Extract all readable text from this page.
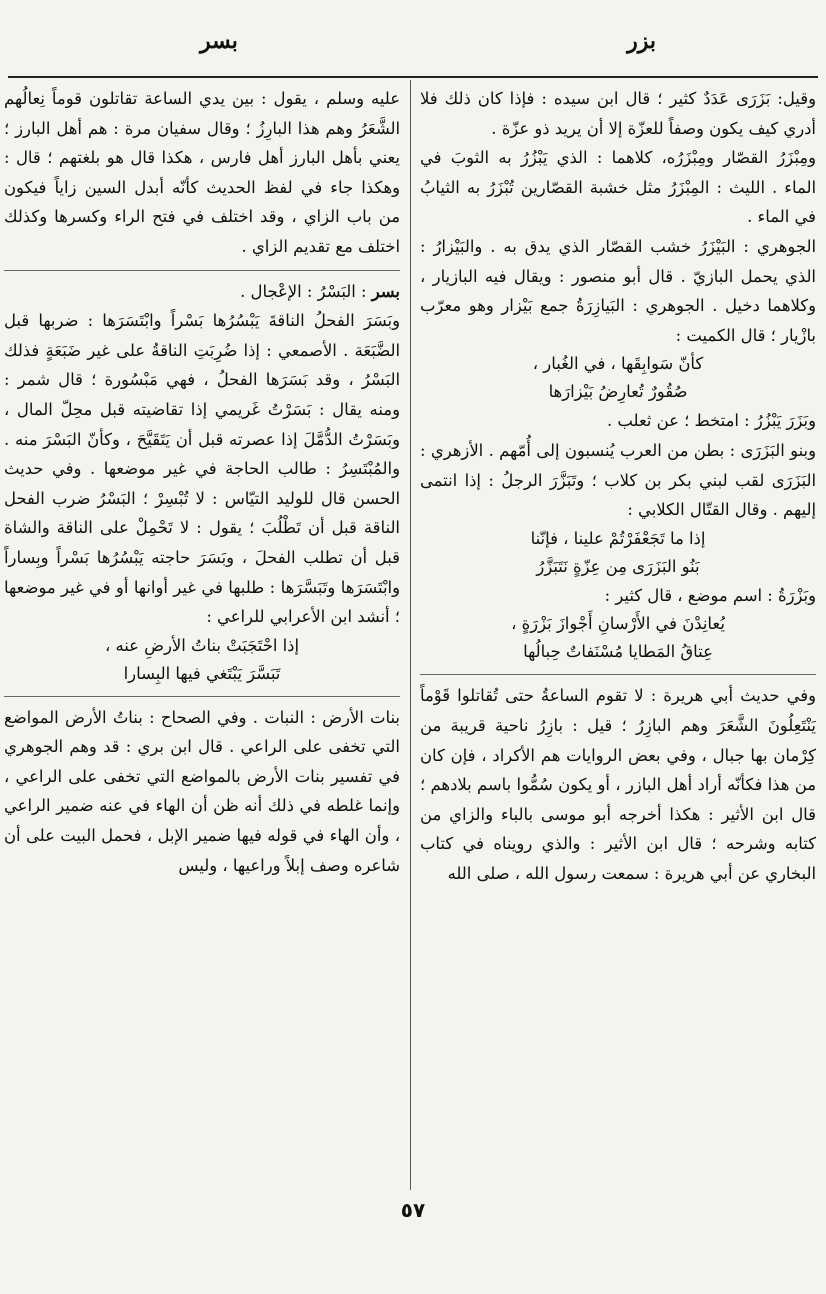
بزر
بسر

وقيل: بَزَرَى عَدَدٌ كثير ؛ قال ابن سيده : فإذا كان ذلك فلا أدري كيف يكون وصفاً للعزّة إلا أن يريد ذو عزّة .

ومِبْزَرُ القصّار ومِبْزَرُه، كلاهما : الذي يَبْزُرُ به الثوبَ في الماء . الليث : المِبْزَرُ مثل خشبة القصّارين تُبْزَرُ به الثيابُ في الماء .

الجوهري : البَيْزَرُ خشب القصّار الذي يدق به . والبَيْزارُ : الذي يحمل البازيّ . قال أبو منصور : ويقال فيه البازيار ، وكلاهما دخيل . الجوهري : البَيازِرَةُ جمع بَيْزار وهو معرّب بازْيار ؛ قال الكميت :

كأنّ سَوابِقَها ، في الغُبار ،

صُقُورٌ تُعارِضُ بَيْزارَها

وبَزَرَ يَبْزُرُ : امتخط ؛ عن ثعلب .

وبنو البَزَرَى : بطن من العرب يُنسبون إلى أُمّهم . الأزهري : البَزَرَى لقب لبني بكر بن كلاب ؛ وتَبَزَّرَ الرجلُ : إذا انتمى إليهم . وقال القتّال الكلابي :

إذا ما تَجَعْفَرْتُمْ علينا ، فإنّنا

بَنُو البَزَرَى مِن عِزّةٍ نَتَبَزَّرُ

وبَزْرَةُ : اسم موضع ، قال كثير :

يُعانِدْنَ في الأَرْسانِ أَجْوازَ بَزْرَةٍ ،

عِتاقُ المَطايا مُسْنَفاتٌ حِبالُها

وفي حديث أبي هريرة : لا تقوم الساعةُ حتى تُقاتلوا قَوْماً يَنْتَعِلُونَ الشَّعَرَ وهم البازِرُ ؛ قيل : بازِرُ ناحية قريبة من كِرْمان بها جبال ، وفي بعض الروايات هم الأكراد ، فإن كان من هذا فكأنّه أراد أهل البازر ، أو يكون سُمُّوا باسم بلادهم ؛ قال ابن الأثير : هكذا أخرجه أبو موسى بالباء والزاي من كتابه وشرحه ؛ قال ابن الأثير : والذي رويناه في كتاب البخاري عن أبي هريرة : سمعت رسول الله ، صلى الله

عليه وسلم ، يقول : بين يدي الساعة تقاتلون قوماً نِعالُهم الشَّعَرُ وهم هذا البارِزُ ؛ وقال سفيان مرة : هم أهل البارز ؛ يعني بأهل البارز أهل فارس ، هكذا قال هو بلغتهم ؛ قال : وهكذا جاء في لفظ الحديث كأنّه أبدل السين زاياً فيكون من باب الزاي ، وقد اختلف في فتح الراء وكسرها وكذلك اختلف مع تقديم الزاي .

بسر : البَسْرُ : الإعْجال .

وبَسَرَ الفحلُ الناقةَ يَبْسُرُها بَسْراً وابْتَسَرَها : ضربها قبل الضَّبَعَة . الأصمعي : إذا ضُرِبَتِ الناقةُ على غير ضَبَعَةٍ فذلك البَسْرُ ، وقد بَسَرَها الفحلُ ، فهي مَبْسُورة ؛ قال شمر : ومنه يقال : بَسَرْتُ غَريمي إذا تقاضيته قبل محِلّ المال ، وبَسَرْتُ الدُّمَّلَ إذا عصرته قبل أن يَتَقَيَّحَ ، وكأنّ البَسْرَ منه . والمُبْتَسِرُ : طالب الحاجة في غير موضعها . وفي حديث الحسن قال للوليد التيّاس : لا تُبْسِرْ ؛ البَسْرُ ضرب الفحل الناقة قبل أن تَطْلُبَ ؛ يقول : لا تَحْمِلْ على الناقة والشاة قبل أن تطلب الفحلَ ، وبَسَرَ حاجته يَبْسُرُها بَسْراً وبِساراً وابْتَسَرَها وتَبَسَّرَها : طلبها في غير أوانها أو في غير موضعها ؛ أنشد ابن الأعرابي للراعي :

إذا احْتَجَبَتْ بناتُ الأرضِ عنه ،

تَبَسَّرَ يَبْتَغي فيها البِسارا

بنات الأرض : النبات . وفي الصحاح : بناتُ الأرض المواضع التي تخفى على الراعي . قال ابن بري : قد وهم الجوهري في تفسير بنات الأرض بالمواضع التي تخفى على الراعي ، وإنما غلطه في ذلك أنه ظن أن الهاء في عنه ضمير الراعي ، وأن الهاء في قوله فيها ضمير الإبل ، فحمل البيت على أن شاعره وصف إبلاً وراعيها ، وليس

٥٧
